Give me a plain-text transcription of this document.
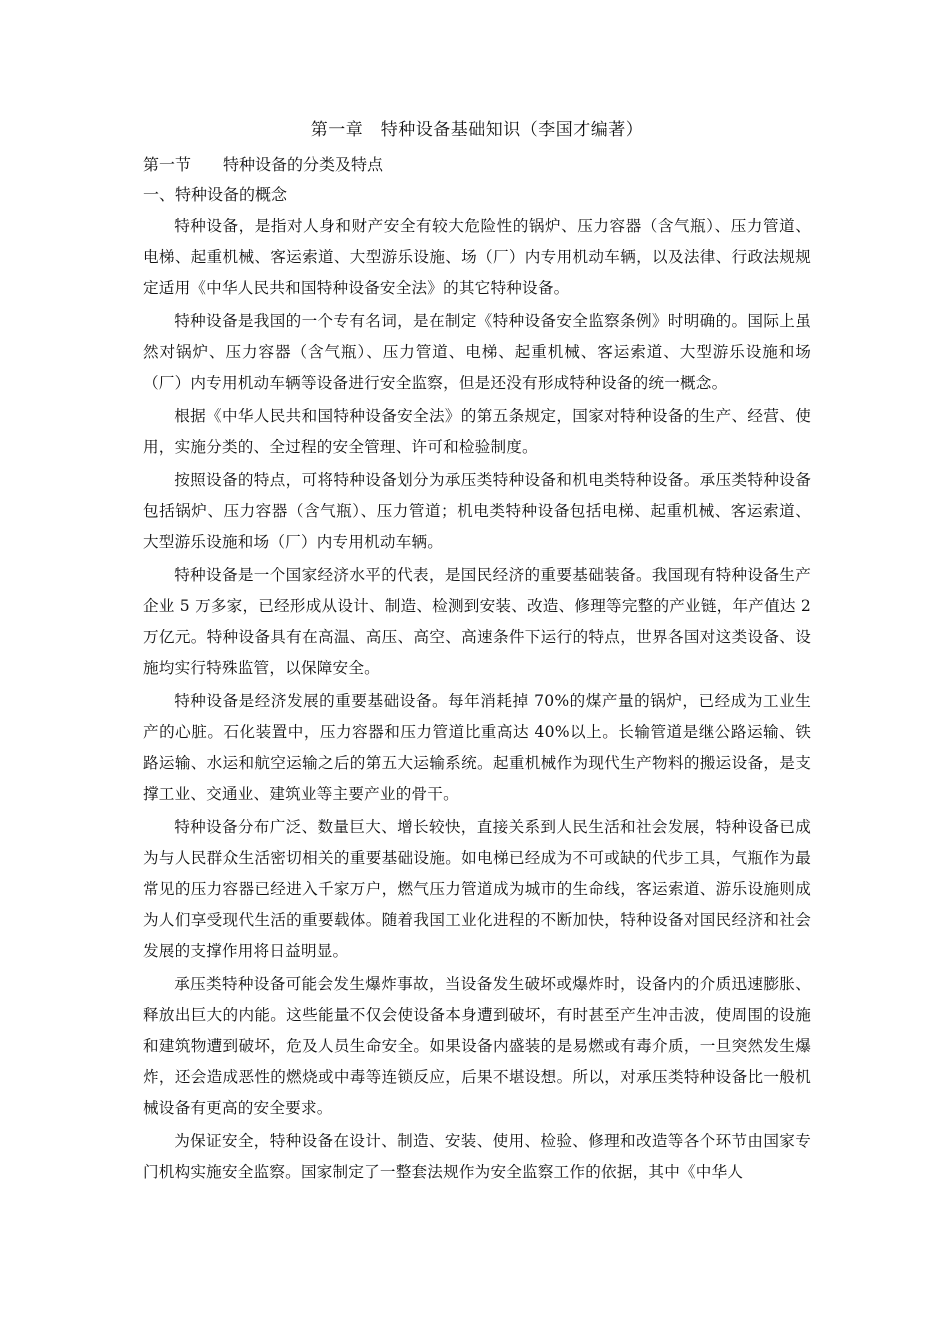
第一章　特种设备基础知识（李国才编著）
第一节　　特种设备的分类及特点
一、特种设备的概念

特种设备，是指对人身和财产安全有较大危险性的锅炉、压力容器（含气瓶）、压力管道、电梯、起重机械、客运索道、大型游乐设施、场（厂）内专用机动车辆，以及法律、行政法规规定适用《中华人民共和国特种设备安全法》的其它特种设备。

特种设备是我国的一个专有名词，是在制定《特种设备安全监察条例》时明确的。国际上虽然对锅炉、压力容器（含气瓶）、压力管道、电梯、起重机械、客运索道、大型游乐设施和场（厂）内专用机动车辆等设备进行安全监察，但是还没有形成特种设备的统一概念。

根据《中华人民共和国特种设备安全法》的第五条规定，国家对特种设备的生产、经营、使用，实施分类的、全过程的安全管理、许可和检验制度。

按照设备的特点，可将特种设备划分为承压类特种设备和机电类特种设备。承压类特种设备包括锅炉、压力容器（含气瓶）、压力管道；机电类特种设备包括电梯、起重机械、客运索道、大型游乐设施和场（厂）内专用机动车辆。

特种设备是一个国家经济水平的代表，是国民经济的重要基础装备。我国现有特种设备生产企业 5 万多家，已经形成从设计、制造、检测到安装、改造、修理等完整的产业链，年产值达 2 万亿元。特种设备具有在高温、高压、高空、高速条件下运行的特点，世界各国对这类设备、设施均实行特殊监管，以保障安全。

特种设备是经济发展的重要基础设备。每年消耗掉 70%的煤产量的锅炉，已经成为工业生产的心脏。石化装置中，压力容器和压力管道比重高达 40%以上。长输管道是继公路运输、铁路运输、水运和航空运输之后的第五大运输系统。起重机械作为现代生产物料的搬运设备，是支撑工业、交通业、建筑业等主要产业的骨干。

特种设备分布广泛、数量巨大、增长较快，直接关系到人民生活和社会发展，特种设备已成为与人民群众生活密切相关的重要基础设施。如电梯已经成为不可或缺的代步工具，气瓶作为最常见的压力容器已经进入千家万户，燃气压力管道成为城市的生命线，客运索道、游乐设施则成为人们享受现代生活的重要载体。随着我国工业化进程的不断加快，特种设备对国民经济和社会发展的支撑作用将日益明显。

承压类特种设备可能会发生爆炸事故，当设备发生破坏或爆炸时，设备内的介质迅速膨胀、释放出巨大的内能。这些能量不仅会使设备本身遭到破坏，有时甚至产生冲击波，使周围的设施和建筑物遭到破坏，危及人员生命安全。如果设备内盛装的是易燃或有毒介质，一旦突然发生爆炸，还会造成恶性的燃烧或中毒等连锁反应，后果不堪设想。所以，对承压类特种设备比一般机械设备有更高的安全要求。

为保证安全，特种设备在设计、制造、安装、使用、检验、修理和改造等各个环节由国家专门机构实施安全监察。国家制定了一整套法规作为安全监察工作的依据，其中《中华人
